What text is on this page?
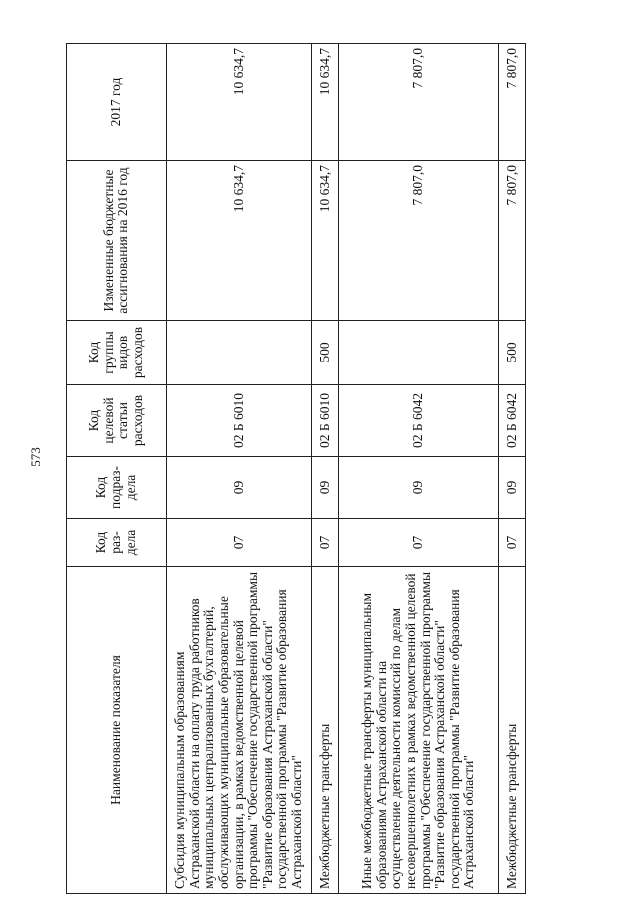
573
Наименование показателя	Код раз-дела	Код подраз-дела	Код целевой статьи расходов	Код группы видов расходов	Измененные бюджетные ассигнования на 2016 год	2017 год
Субсидия муниципальным образованиям Астраханской области на оплату труда работников муниципальных централизованных бухгалтерий, обслуживающих муниципальные образовательные организации, в рамках ведомственной целевой программы "Обеспечение государственной программы "Развитие образования Астраханской области" государственной программы "Развитие образования Астраханской области"	07	09	02 Б 6010		10 634,7	10 634,7
Межбюджетные трансферты	07	09	02 Б 6010	500	10 634,7	10 634,7
Иные межбюджетные трансферты муниципальным образованиям Астраханской области на осуществление деятельности комиссий по делам несовершеннолетних в рамках ведомственной целевой программы "Обеспечение государственной программы "Развитие образования Астраханской области" государственной программы "Развитие образования Астраханской области"	07	09	02 Б 6042		7 807,0	7 807,0
Межбюджетные трансферты	07	09	02 Б 6042	500	7 807,0	7 807,0
